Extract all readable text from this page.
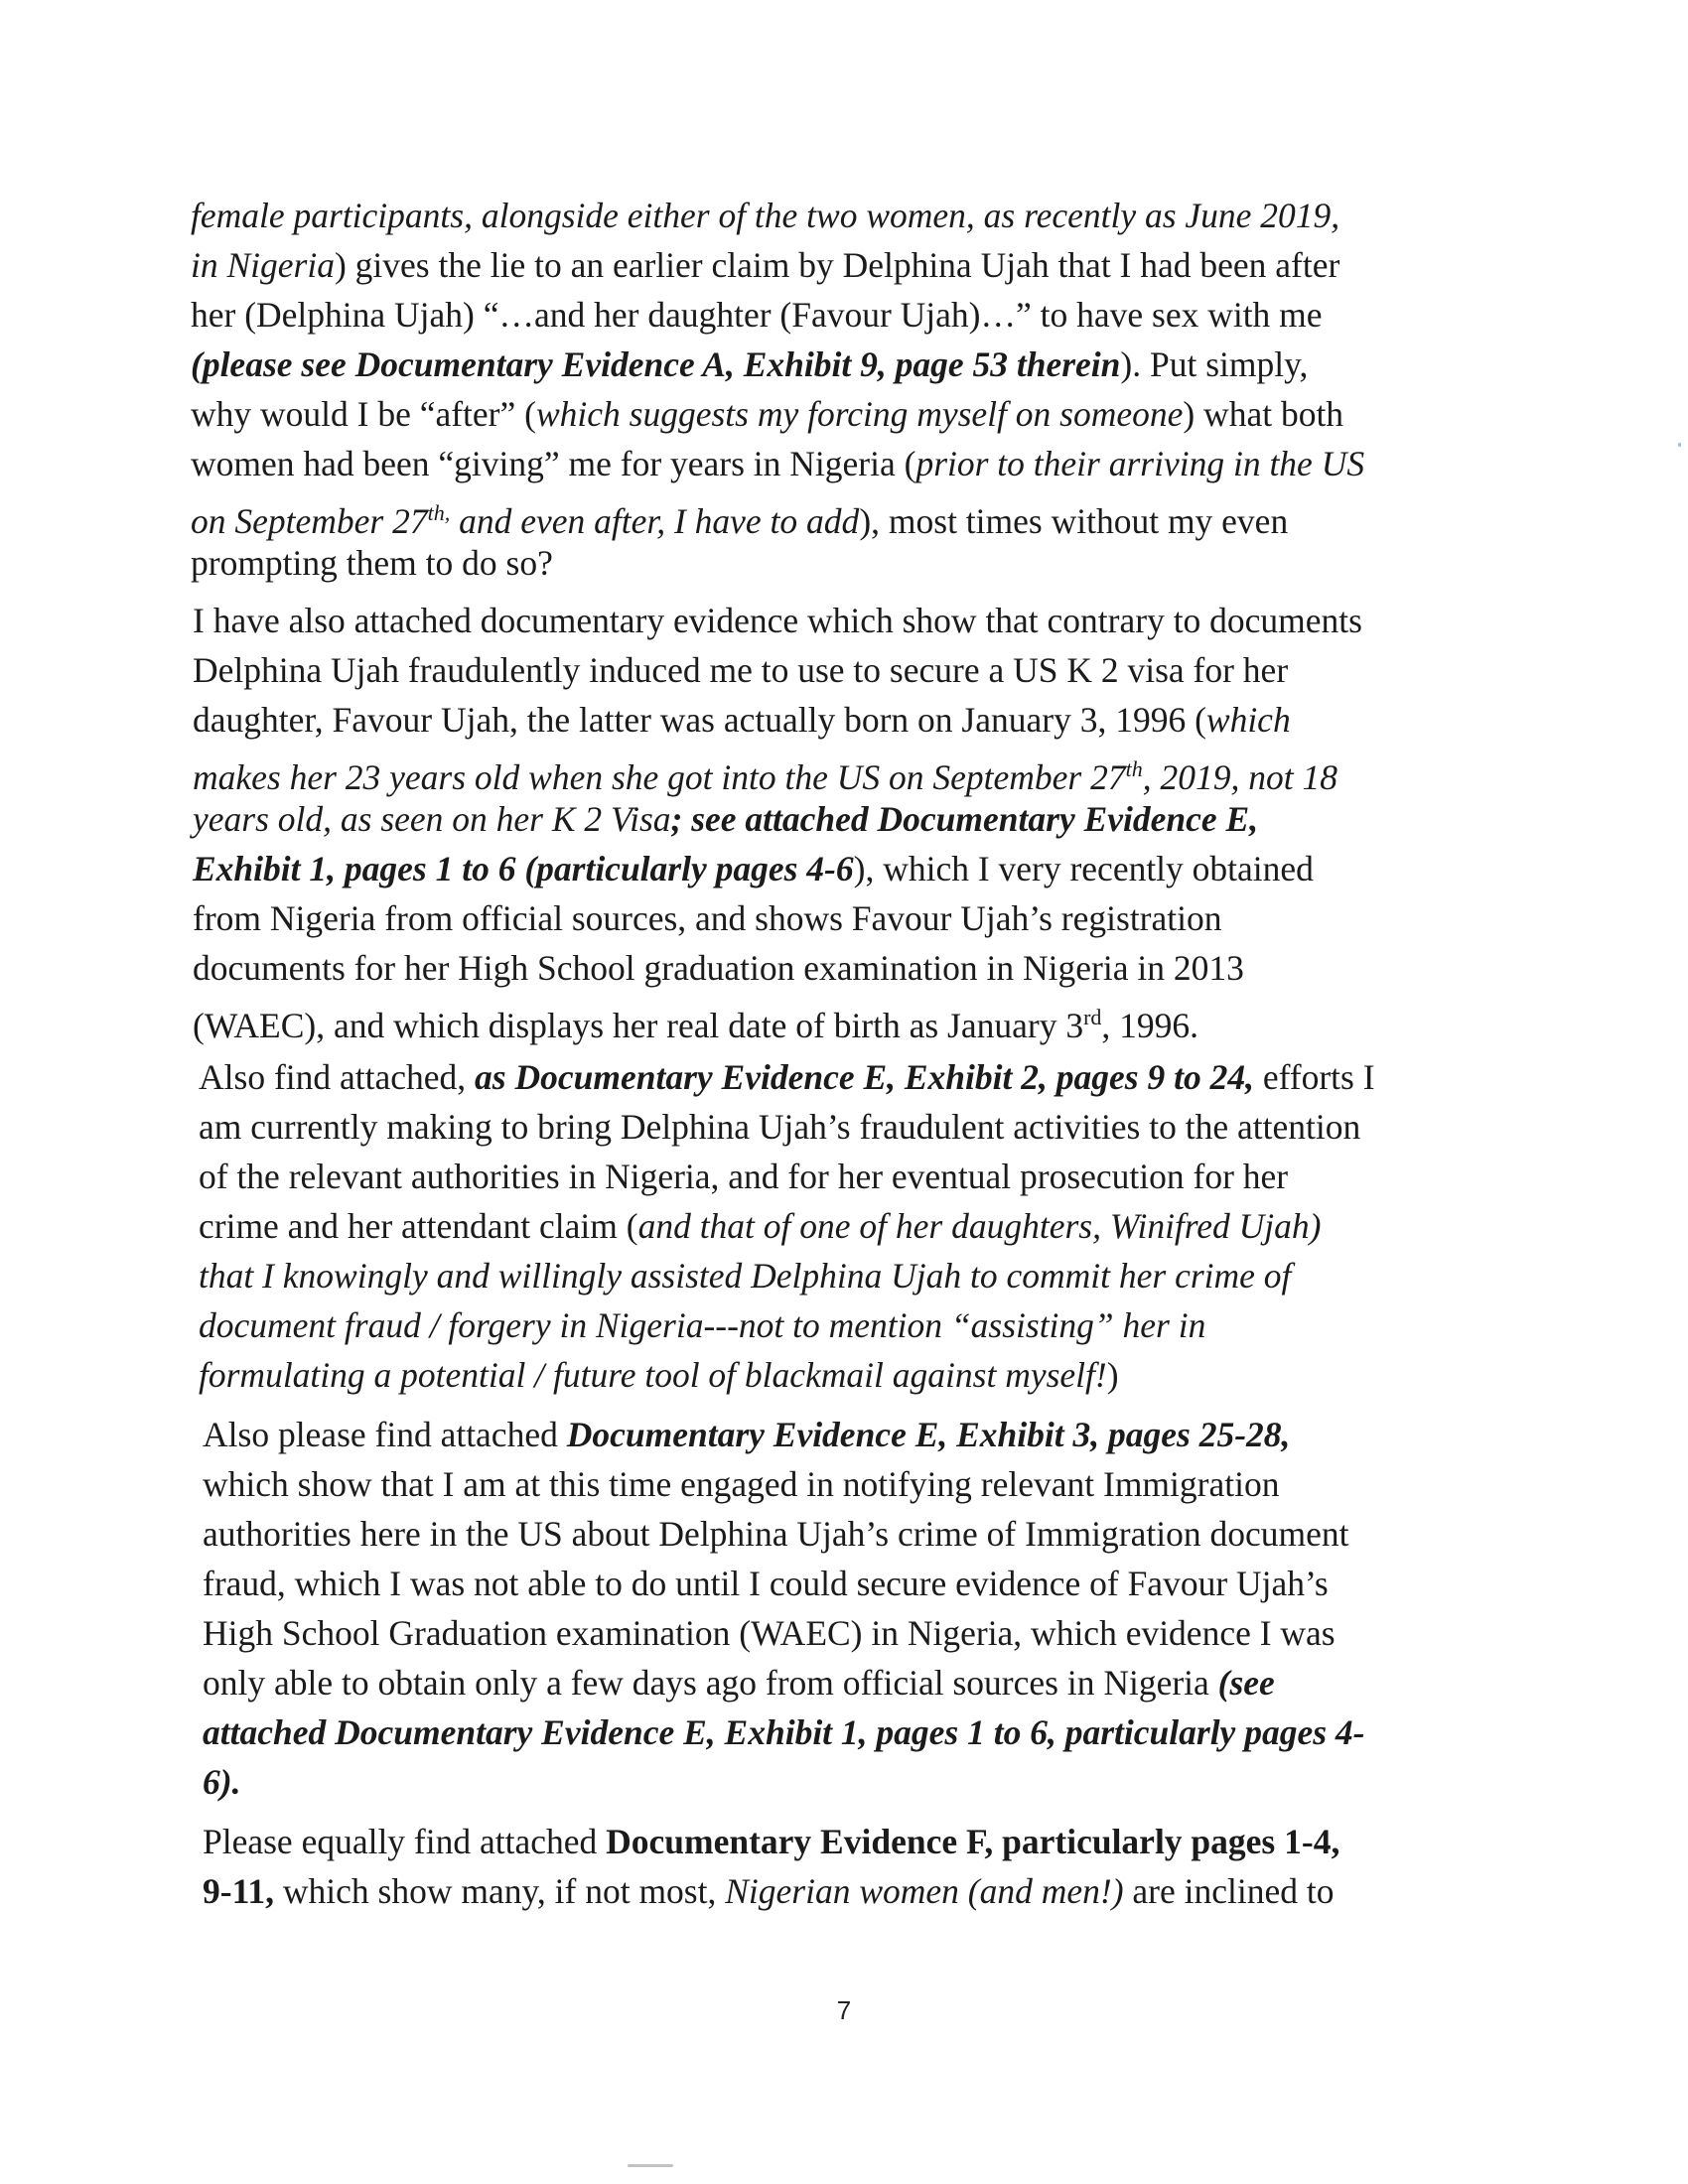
female participants, alongside either of the two women, as recently as June 2019,
in Nigeria) gives the lie to an earlier claim by Delphina Ujah that I had been after
her (Delphina Ujah) “…and her daughter (Favour Ujah)…” to have sex with me
(please see Documentary Evidence A, Exhibit 9, page 53 therein). Put simply,
why would I be “after” (which suggests my forcing myself on someone) what both
women had been “giving” me for years in Nigeria (prior to their arriving in the US
on September $27^{th,}$ and even after, I have to add), most times without my even
prompting them to do so?
I have also attached documentary evidence which show that contrary to documents
Delphina Ujah fraudulently induced me to use to secure a US K 2 visa for her
daughter, Favour Ujah, the latter was actually born on January 3, 1996 (which
makes her 23 years old when she got into the US on September 27th, 2019, not 18
years old, as seen on her K 2 Visa; see attached Documentary Evidence E,
Exhibit 1, pages 1 to 6 (particularly pages 4-6), which I very recently obtained
from Nigeria from official sources, and shows Favour Ujah’s registration
documents for her High School graduation examination in Nigeria in 2013
(WAEC), and which displays her real date of birth as January 3rd, 1996.
Also find attached, as Documentary Evidence E, Exhibit 2, pages 9 to 24, efforts I
am currently making to bring Delphina Ujah’s fraudulent activities to the attention
of the relevant authorities in Nigeria, and for her eventual prosecution for her
crime and her attendant claim (and that of one of her daughters, Winifred Ujah)
that I knowingly and willingly assisted Delphina Ujah to commit her crime of
document fraud / forgery in Nigeria---not to mention “assisting” her in
formulating a potential / future tool of blackmail against myself!)
Also please find attached Documentary Evidence E, Exhibit 3, pages 25-28,
which show that I am at this time engaged in notifying relevant Immigration
authorities here in the US about Delphina Ujah’s crime of Immigration document
fraud, which I was not able to do until I could secure evidence of Favour Ujah’s
High School Graduation examination (WAEC) in Nigeria, which evidence I was
only able to obtain only a few days ago from official sources in Nigeria (see
attached Documentary Evidence E, Exhibit 1, pages 1 to 6, particularly pages 4-
6).
Please equally find attached Documentary Evidence F, particularly pages 1-4,
9-11, which show many, if not most, Nigerian women (and men!) are inclined to
7
